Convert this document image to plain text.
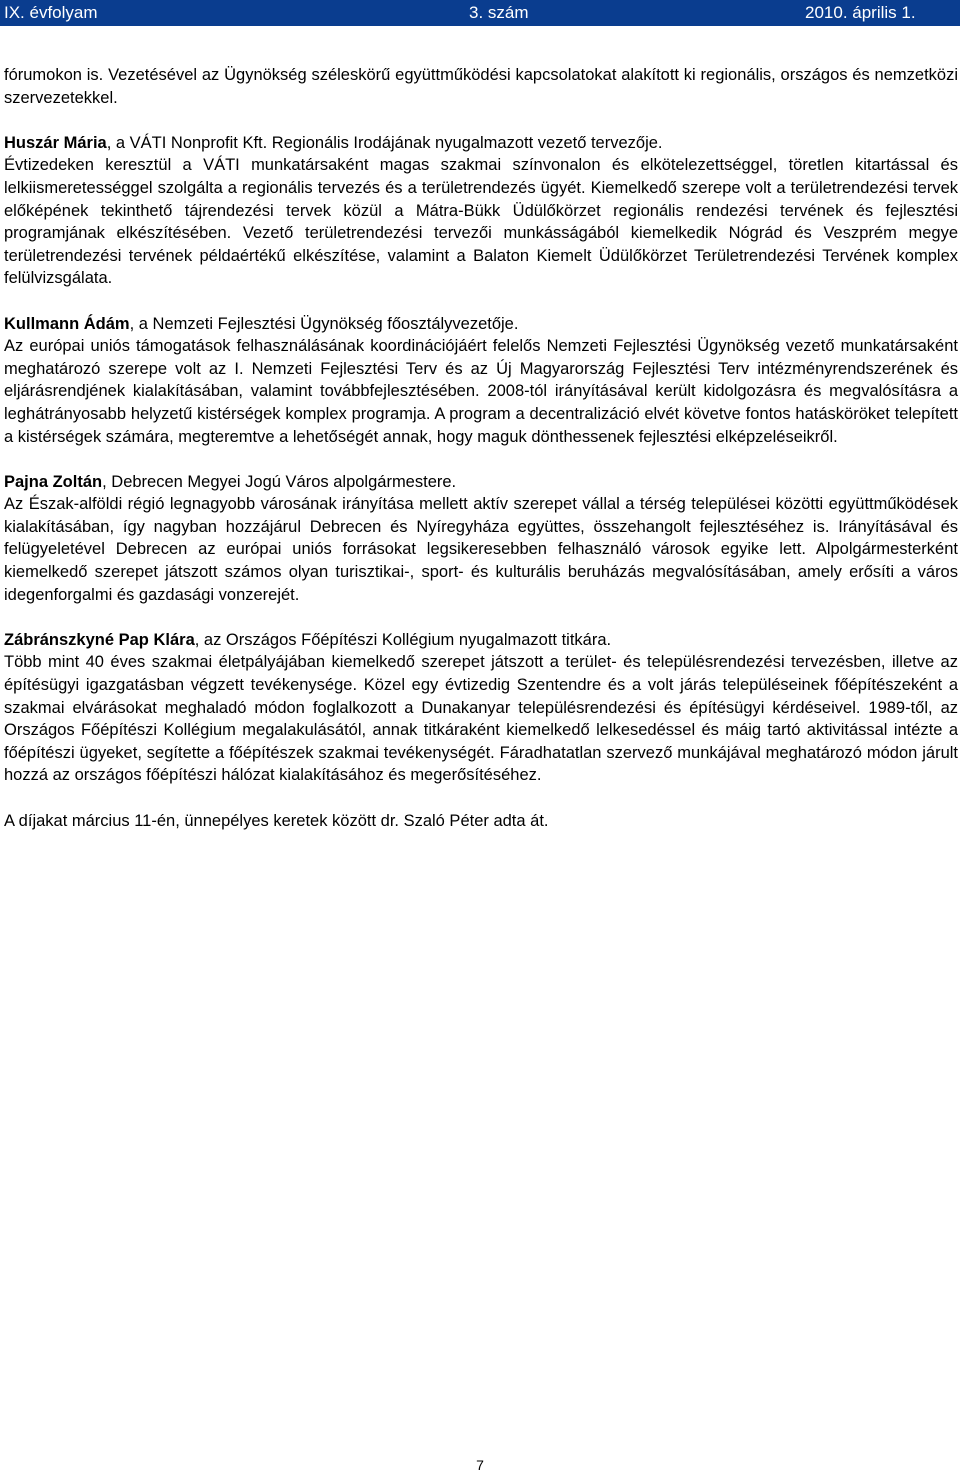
IX. évfolyam	3. szám	2010. április 1.

fórumokon is. Vezetésével az Ügynökség széleskörű együttműködési kapcsolatokat alakított ki regionális, országos és nemzetközi szervezetekkel.

Huszár Mária, a VÁTI Nonprofit Kft. Regionális Irodájának nyugalmazott vezető tervezője.

Évtizedeken keresztül a VÁTI munkatársaként magas szakmai színvonalon és elkötelezettséggel, töretlen kitartással és lelkiismeretességgel szolgálta a regionális tervezés és a területrendezés ügyét. Kiemelkedő szerepe volt a területrendezési tervek előképének tekinthető tájrendezési tervek közül a Mátra-Bükk Üdülőkörzet regionális rendezési tervének és fejlesztési programjának elkészítésében. Vezető területrendezési tervezői munkásságából kiemelkedik Nógrád és Veszprém megye területrendezési tervének példaértékű elkészítése, valamint a Balaton Kiemelt Üdülőkörzet Területrendezési Tervének komplex felülvizsgálata.

Kullmann Ádám, a Nemzeti Fejlesztési Ügynökség főosztályvezetője.

Az európai uniós támogatások felhasználásának koordinációjáért felelős Nemzeti Fejlesztési Ügynökség vezető munkatársaként meghatározó szerepe volt az I. Nemzeti Fejlesztési Terv és az Új Magyarország Fejlesztési Terv intézményrendszerének és eljárásrendjének kialakításában, valamint továbbfejlesztésében. 2008-tól irányításával került kidolgozásra és megvalósításra a leghátrányosabb helyzetű kistérségek komplex programja. A program a decentralizáció elvét követve fontos hatásköröket telepített a kistérségek számára, megteremtve a lehetőségét annak, hogy maguk dönthessenek fejlesztési elképzeléseikről.

Pajna Zoltán, Debrecen Megyei Jogú Város alpolgármestere.

Az Észak-alföldi régió legnagyobb városának irányítása mellett aktív szerepet vállal a térség települései közötti együttműködések kialakításában, így nagyban hozzájárul Debrecen és Nyíregyháza együttes, összehangolt fejlesztéséhez is. Irányításával és felügyeletével Debrecen az európai uniós forrásokat legsikeresebben felhasználó városok egyike lett. Alpolgármesterként kiemelkedő szerepet játszott számos olyan turisztikai-, sport- és kulturális beruházás megvalósításában, amely erősíti a város idegenforgalmi és gazdasági vonzerejét.

Zábránszkyné Pap Klára, az Országos Főépítészi Kollégium nyugalmazott titkára.

Több mint 40 éves szakmai életpályájában kiemelkedő szerepet játszott a terület- és településrendezési tervezésben, illetve az építésügyi igazgatásban végzett tevékenysége. Közel egy évtizedig Szentendre és a volt járás településeinek főépítészeként a szakmai elvárásokat meghaladó módon foglalkozott a Dunakanyar településrendezési és építésügyi kérdéseivel. 1989-től, az Országos Főépítészi Kollégium megalakulásától, annak titkáraként kiemelkedő lelkesedéssel és máig tartó aktivitással intézte a főépítészi ügyeket, segítette a főépítészek szakmai tevékenységét. Fáradhatatlan szervező munkájával meghatározó módon járult hozzá az országos főépítészi hálózat kialakításához és megerősítéséhez.

A díjakat március 11-én, ünnepélyes keretek között dr. Szaló Péter adta át.

7
